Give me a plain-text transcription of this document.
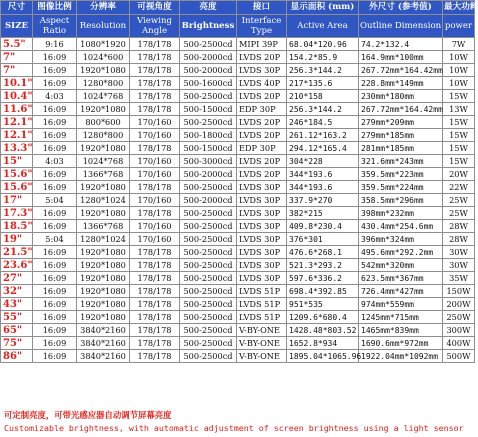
尺寸	图像比例	分辨率	可视角度	亮度	接口	显示面积 (mm)	外尺寸 (参考值)	最大功耗
SIZE	Aspect Ratio	Resolution	Viewing Angle	Brightness	Interface Type	Active Area	Outline Dimension	power
5.5"	9:16	1080*1920	178/178	500-2500cd	MIPI 39P	68.04*120.96	74.2*132.4	7W
7"	16:09	1024*600	178/178	500-2000cd	LVDS 20P	154.2*85.9	164.9mm*100mm	10W
7"	16:09	1920*1080	178/178	500-2000cd	LVDS 30P	256.3*144.2	267.72mm*164.42mm	10W
10.1"	16:09	1280*800	178/178	500-1600cd	LVDS 40P	217*135.6	228.8mm*149mm	10W
10.4"	4:03	1024*768	178/178	500-2500cd	LVDS 20P	210*158	230mm*180mm	15W
11.6"	16:09	1920*1080	178/178	500-1500cd	EDP 30P	256.3*144.2	267.72mm*164.42mm	13W
12.1"	16:09	800*600	170/160	500-2500cd	LVDS 20P	246*184.5	279mm*209mm	15W
12.1"	16:09	1280*800	170/160	500-1800cd	LVDS 20P	261.12*163.2	279mm*185mm	15W
13.3"	16:09	1920*1080	178/178	500-1500cd	EDP 30P	294.12*165.4	281mm*185mm	15W
15"	4:03	1024*768	170/160	500-3000cd	LVDS 20P	304*228	321.6mm*243mm	15W
15.6"	16:09	1366*768	170/160	500-2000cd	LVDS 20P	344*193.6	359.5mm*223mm	20W
15.6"	16:09	1920*1080	178/178	500-2500cd	LVDS 30P	344*193.6	359.5mm*224mm	22W
17"	5:04	1280*1024	170/160	500-2000cd	LVDS 30P	337.9*270	358.5mm*296mm	25W
17.3"	16:09	1920*1080	178/178	500-2500cd	LVDS 30P	382*215	398mm*232mm	25W
18.5"	16:09	1366*768	170/160	500-2500cd	LVDS 30P	409.8*230.4	430.4mm*254.6mm	28W
19"	5:04	1280*1024	170/160	500-2500cd	LVDS 30P	376*301	396mm*324mm	28W
21.5"	16:09	1920*1080	178/178	500-2500cd	LVDS 30P	476.6*268.1	495.6mm*292.2mm	30W
23.6"	16:09	1920*1080	178/178	500-2500cd	LVDS 30P	521.3*293.2	542mm*320mm	30W
27"	16:09	1920*1080	178/178	500-2500cd	LVDS 30P	597.6*336.2	623.5mm*367mm	35W
32"	16:09	1920*1080	178/178	500-2500cd	LVDS 51P	698.4*392.85	726.4mm*427mm	150W
43"	16:09	1920*1080	178/178	500-2500cd	LVDS 51P	951*535	974mm*559mm	200W
55"	16:09	1920*1080	178/178	500-2500cd	LVDS 51P	1209.6*680.4	1245mm*715mm	250W
65"	16:09	3840*2160	178/178	500-2500cd	V-BY-ONE	1428.48*803.52	1465mm*839mm	300W
75"	16:09	3840*2160	178/178	500-2500cd	V-BY-ONE	1652.8*934	1690.6mm*972mm	400W
86"	16:09	3840*2160	178/178	500-2500cd	V-BY-ONE	1895.04*1065.96	1922.04mm*1092mm	500W
可定制亮度，可带光感应器自动调节屏幕亮度
Customizable brightness, with automatic adjustment of screen brightness using a light sensor
